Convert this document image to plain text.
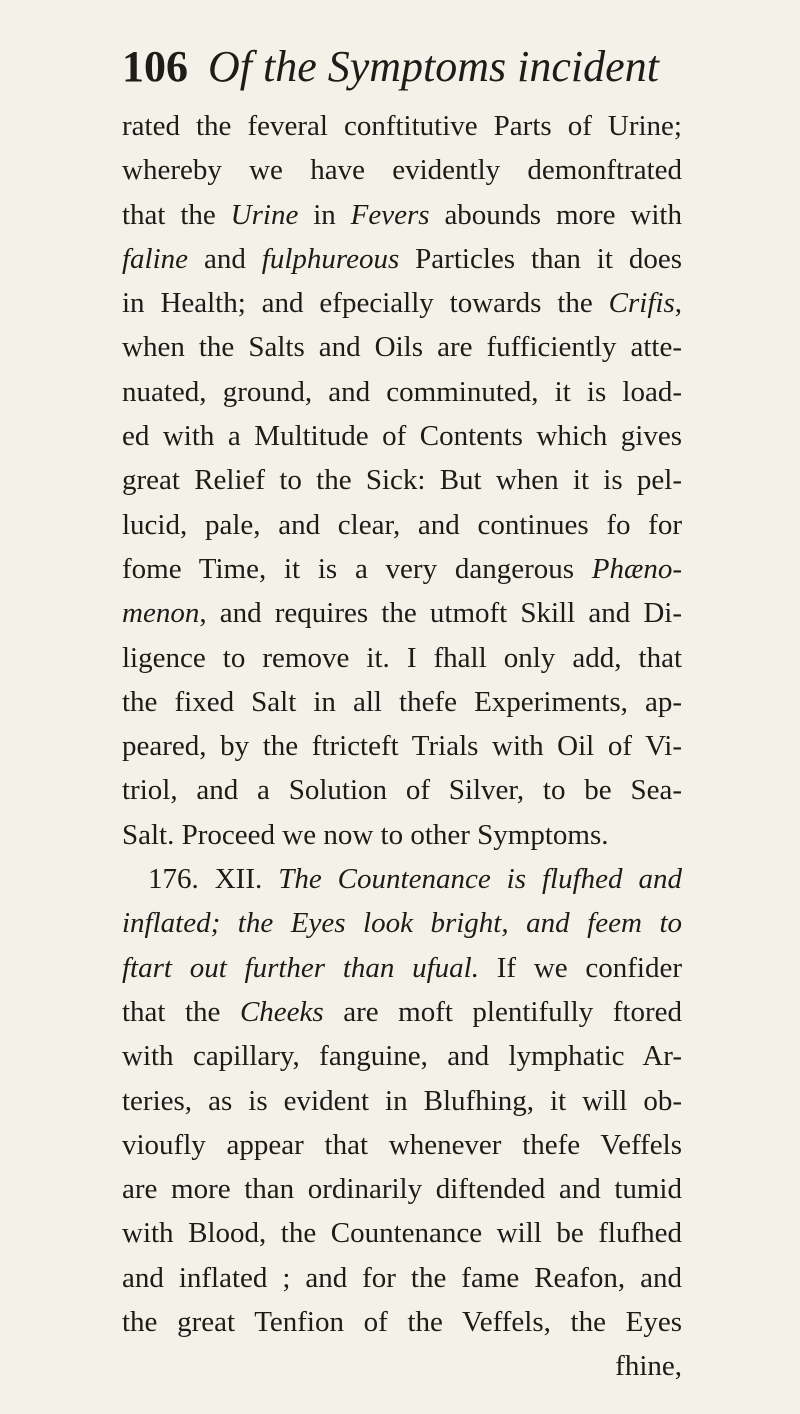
106 Of the Symptoms incident
rated the feveral conftitutive Parts of Urine;
whereby we have evidently demonftrated
that the Urine in Fevers abounds more with
faline and fulphureous Particles than it does
in Health; and efpecially towards the Crifis,
when the Salts and Oils are fufficiently atte-
nuated, ground, and comminuted, it is load-
ed with a Multitude of Contents which gives
great Relief to the Sick: But when it is pel-
lucid, pale, and clear, and continues fo for
fome Time, it is a very dangerous Phæno-
menon, and requires the utmoft Skill and Di-
ligence to remove it. I fhall only add, that
the fixed Salt in all thefe Experiments, ap-
peared, by the ftricteft Trials with Oil of Vi-
triol, and a Solution of Silver, to be Sea-
Salt. Proceed we now to other Symptoms.
176. XII. The Countenance is flufhed and
inflated; the Eyes look bright, and feem to
ftart out further than ufual. If we confider
that the Cheeks are moft plentifully ftored
with capillary, fanguine, and lymphatic Ar-
teries, as is evident in Blufhing, it will ob-
vioufly appear that whenever thefe Veffels
are more than ordinarily diftended and tumid
with Blood, the Countenance will be flufhed
and inflated ; and for the fame Reafon, and
the great Tenfion of the Veffels, the Eyes
fhine,
